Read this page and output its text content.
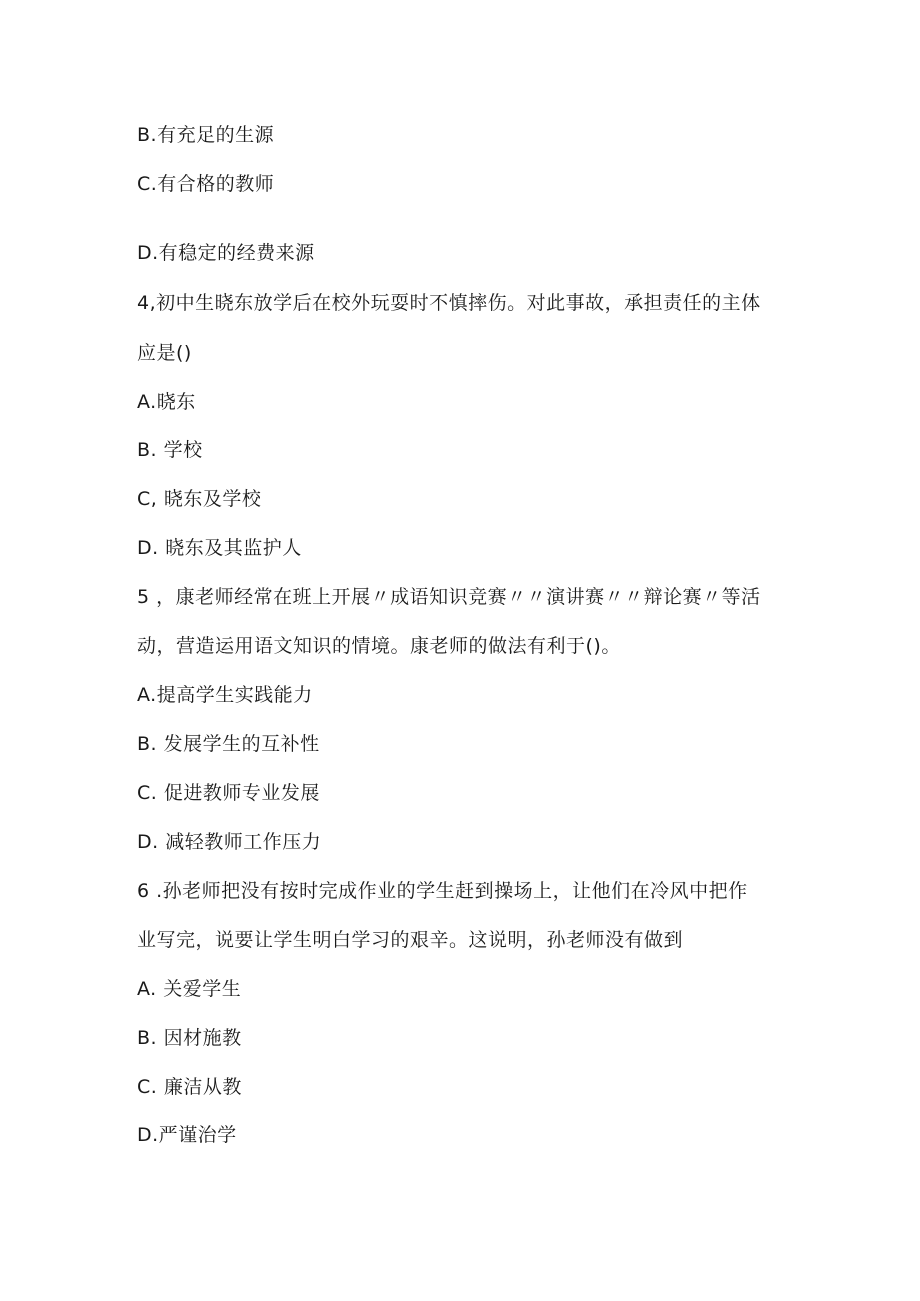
B.有充足的生源
C.有合格的教师
D.有稳定的经费来源
4,初中生晓东放学后在校外玩耍时不慎摔伤。对此事故，承担责任的主体
应是()
A.晓东
B. 学校
C, 晓东及学校
D. 晓东及其监护人
5 ，康老师经常在班上开展〃成语知识竞赛〃〃演讲赛〃〃辩论赛〃等活
动，营造运用语文知识的情境。康老师的做法有利于()。
A.提高学生实践能力
B. 发展学生的互补性
C. 促进教师专业发展
D. 减轻教师工作压力
6 .孙老师把没有按时完成作业的学生赶到操场上，让他们在冷风中把作
业写完，说要让学生明白学习的艰辛。这说明，孙老师没有做到
A. 关爱学生
B. 因材施教
C. 廉洁从教
D.严谨治学
